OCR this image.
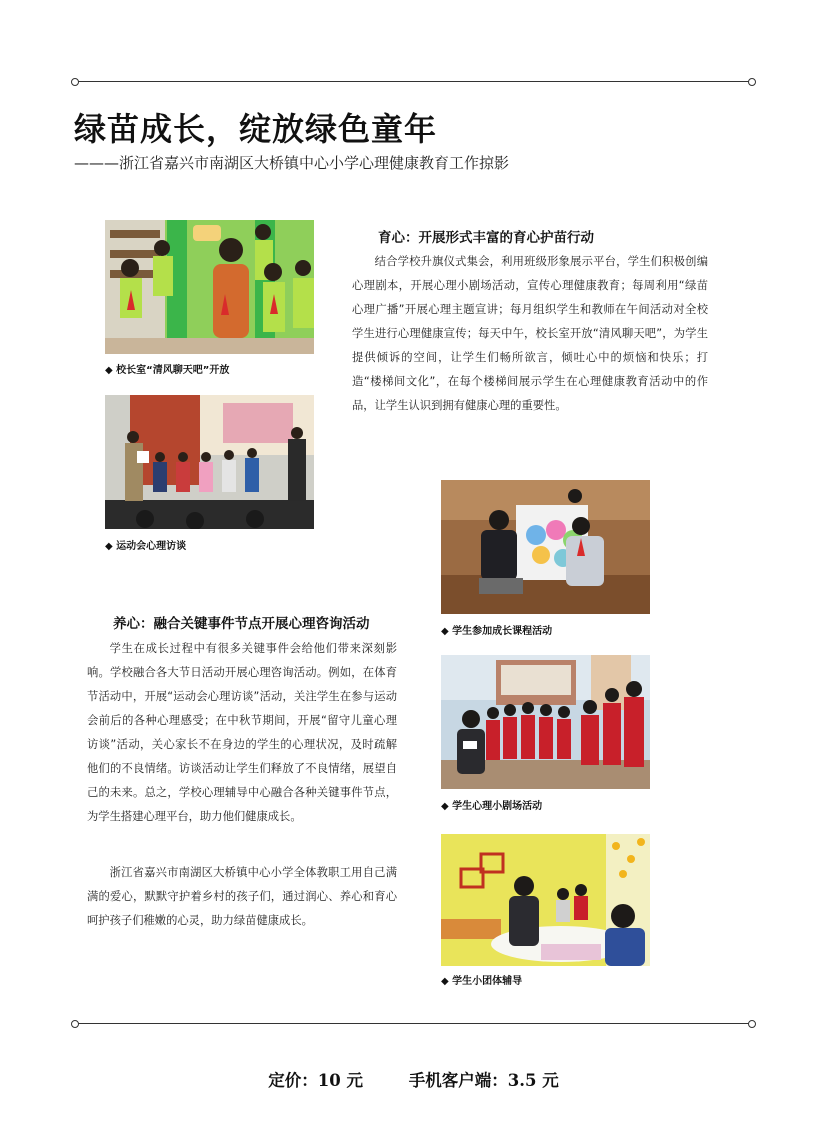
绿苗成长，绽放绿色童年

———浙江省嘉兴市南湖区大桥镇中心小学心理健康教育工作掠影

◆ 校长室“清风聊天吧”开放
◆ 运动会心理访谈
育心：开展形式丰富的育心护苗行动

结合学校升旗仪式集会，利用班级形象展示平台，学生们积极创编心理剧本，开展心理小剧场活动，宣传心理健康教育；每周利用“绿苗心理广播”开展心理主题宣讲；每月组织学生和教师在午间活动对全校学生进行心理健康宣传；每天中午，校长室开放“清风聊天吧”，为学生提供倾诉的空间，让学生们畅所欲言，倾吐心中的烦恼和快乐；打造“楼梯间文化”，在每个楼梯间展示学生在心理健康教育活动中的作品，让学生认识到拥有健康心理的重要性。

◆ 学生参加成长课程活动
养心：融合关键事件节点开展心理咨询活动

学生在成长过程中有很多关键事件会给他们带来深刻影响。学校融合各大节日活动开展心理咨询活动。例如，在体育节活动中，开展“运动会心理访谈”活动，关注学生在参与运动会前后的各种心理感受；在中秋节期间，开展“留守儿童心理访谈”活动，关心家长不在身边的学生的心理状况，及时疏解他们的不良情绪。访谈活动让学生们释放了不良情绪，展望自己的未来。总之，学校心理辅导中心融合各种关键事件节点，为学生搭建心理平台，助力他们健康成长。

◆ 学生心理小剧场活动

浙江省嘉兴市南湖区大桥镇中心小学全体教职工用自己满满的爱心，默默守护着乡村的孩子们，通过润心、养心和育心呵护孩子们稚嫩的心灵，助力绿苗健康成长。

◆ 学生小团体辅导
定价：10 元	手机客户端：3.5 元
